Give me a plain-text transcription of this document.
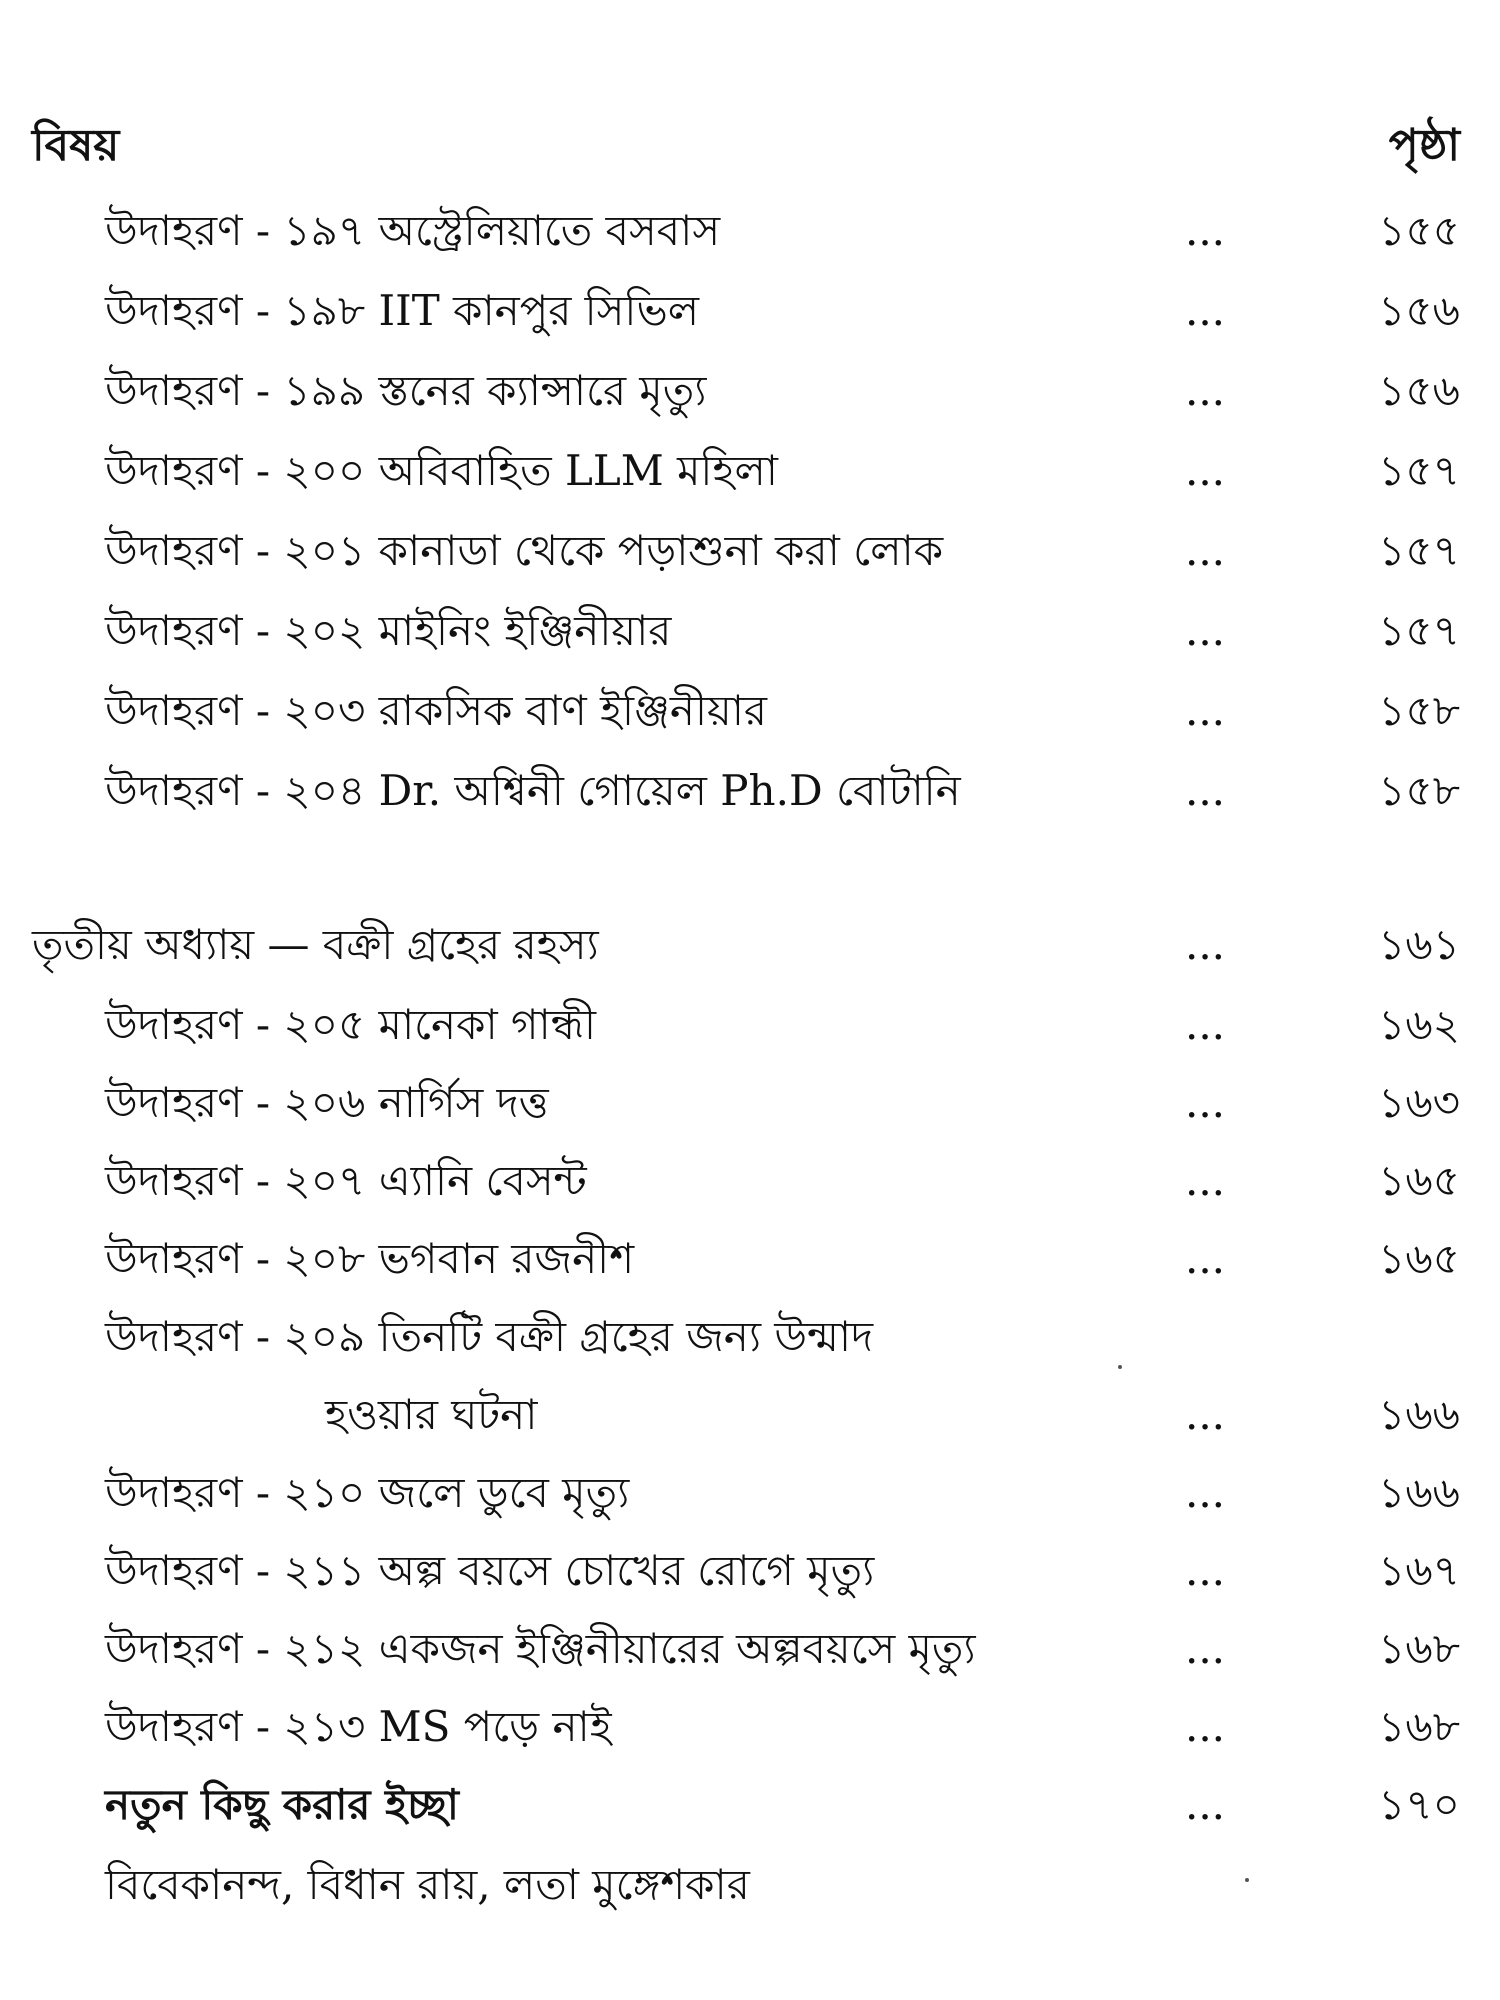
বিষয়	পৃষ্ঠা
উদাহরণ - ১৯৭ অস্ট্রেলিয়াতে বসবাস	...	১৫৫
উদাহরণ - ১৯৮ IIT কানপুর সিভিল	...	১৫৬
উদাহরণ - ১৯৯ স্তনের ক্যান্সারে মৃত্যু	...	১৫৬
উদাহরণ - ২০০ অবিবাহিত LLM মহিলা	...	১৫৭
উদাহরণ - ২০১ কানাডা থেকে পড়াশুনা করা লোক	...	১৫৭
উদাহরণ - ২০২ মাইনিং ইঞ্জিনীয়ার	...	১৫৭
উদাহরণ - ২০৩ রাকসিক বাণ ইঞ্জিনীয়ার	...	১৫৮
উদাহরণ - ২০৪ Dr. অশ্বিনী গোয়েল Ph.D বোটানি	...	১৫৮
তৃতীয় অধ্যায় — বক্রী গ্রহের রহস্য	...	১৬১
উদাহরণ - ২০৫ মানেকা গান্ধী	...	১৬২
উদাহরণ - ২০৬ নার্গিস দত্ত	...	১৬৩
উদাহরণ - ২০৭ এ্যানি বেসন্ট	...	১৬৫
উদাহরণ - ২০৮ ভগবান রজনীশ	...	১৬৫
উদাহরণ - ২০৯ তিনটি বক্রী গ্রহের জন্য উন্মাদ
হওয়ার ঘটনা	...	১৬৬
উদাহরণ - ২১০ জলে ডুবে মৃত্যু	...	১৬৬
উদাহরণ - ২১১ অল্প বয়সে চোখের রোগে মৃত্যু	...	১৬৭
উদাহরণ - ২১২ একজন ইঞ্জিনীয়ারের অল্পবয়সে মৃত্যু	...	১৬৮
উদাহরণ - ২১৩ MS পড়ে নাই	...	১৬৮
নতুন কিছু করার ইচ্ছা	...	১৭০
বিবেকানন্দ, বিধান রায়, লতা মুঙ্গেশকার
